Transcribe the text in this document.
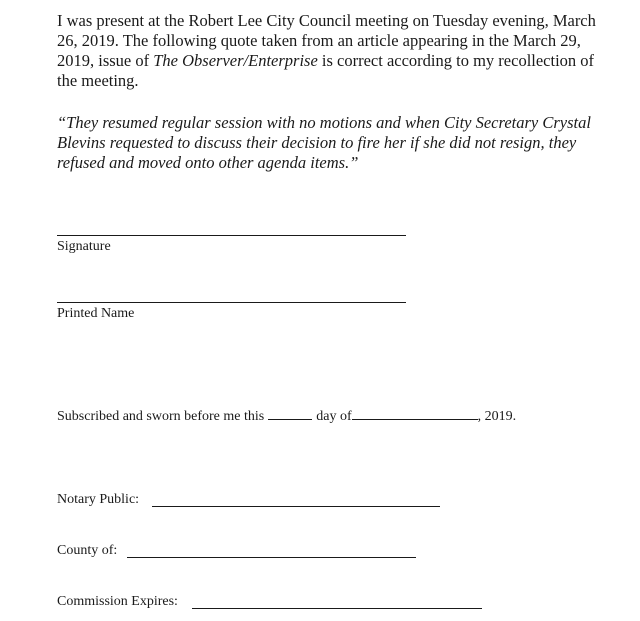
I was present at the Robert Lee City Council meeting on Tuesday evening, March 26, 2019. The following quote taken from an article appearing in the March 29, 2019, issue of The Observer/Enterprise is correct according to my recollection of the meeting.

“They resumed regular session with no motions and when City Secretary Crystal Blevins requested to discuss their decision to fire her if she did not resign, they refused and moved onto other agenda items.”

Signature
Printed Name
Subscribed and sworn before me this	day of	, 2019.
Notary Public:
County of:
Commission Expires:
